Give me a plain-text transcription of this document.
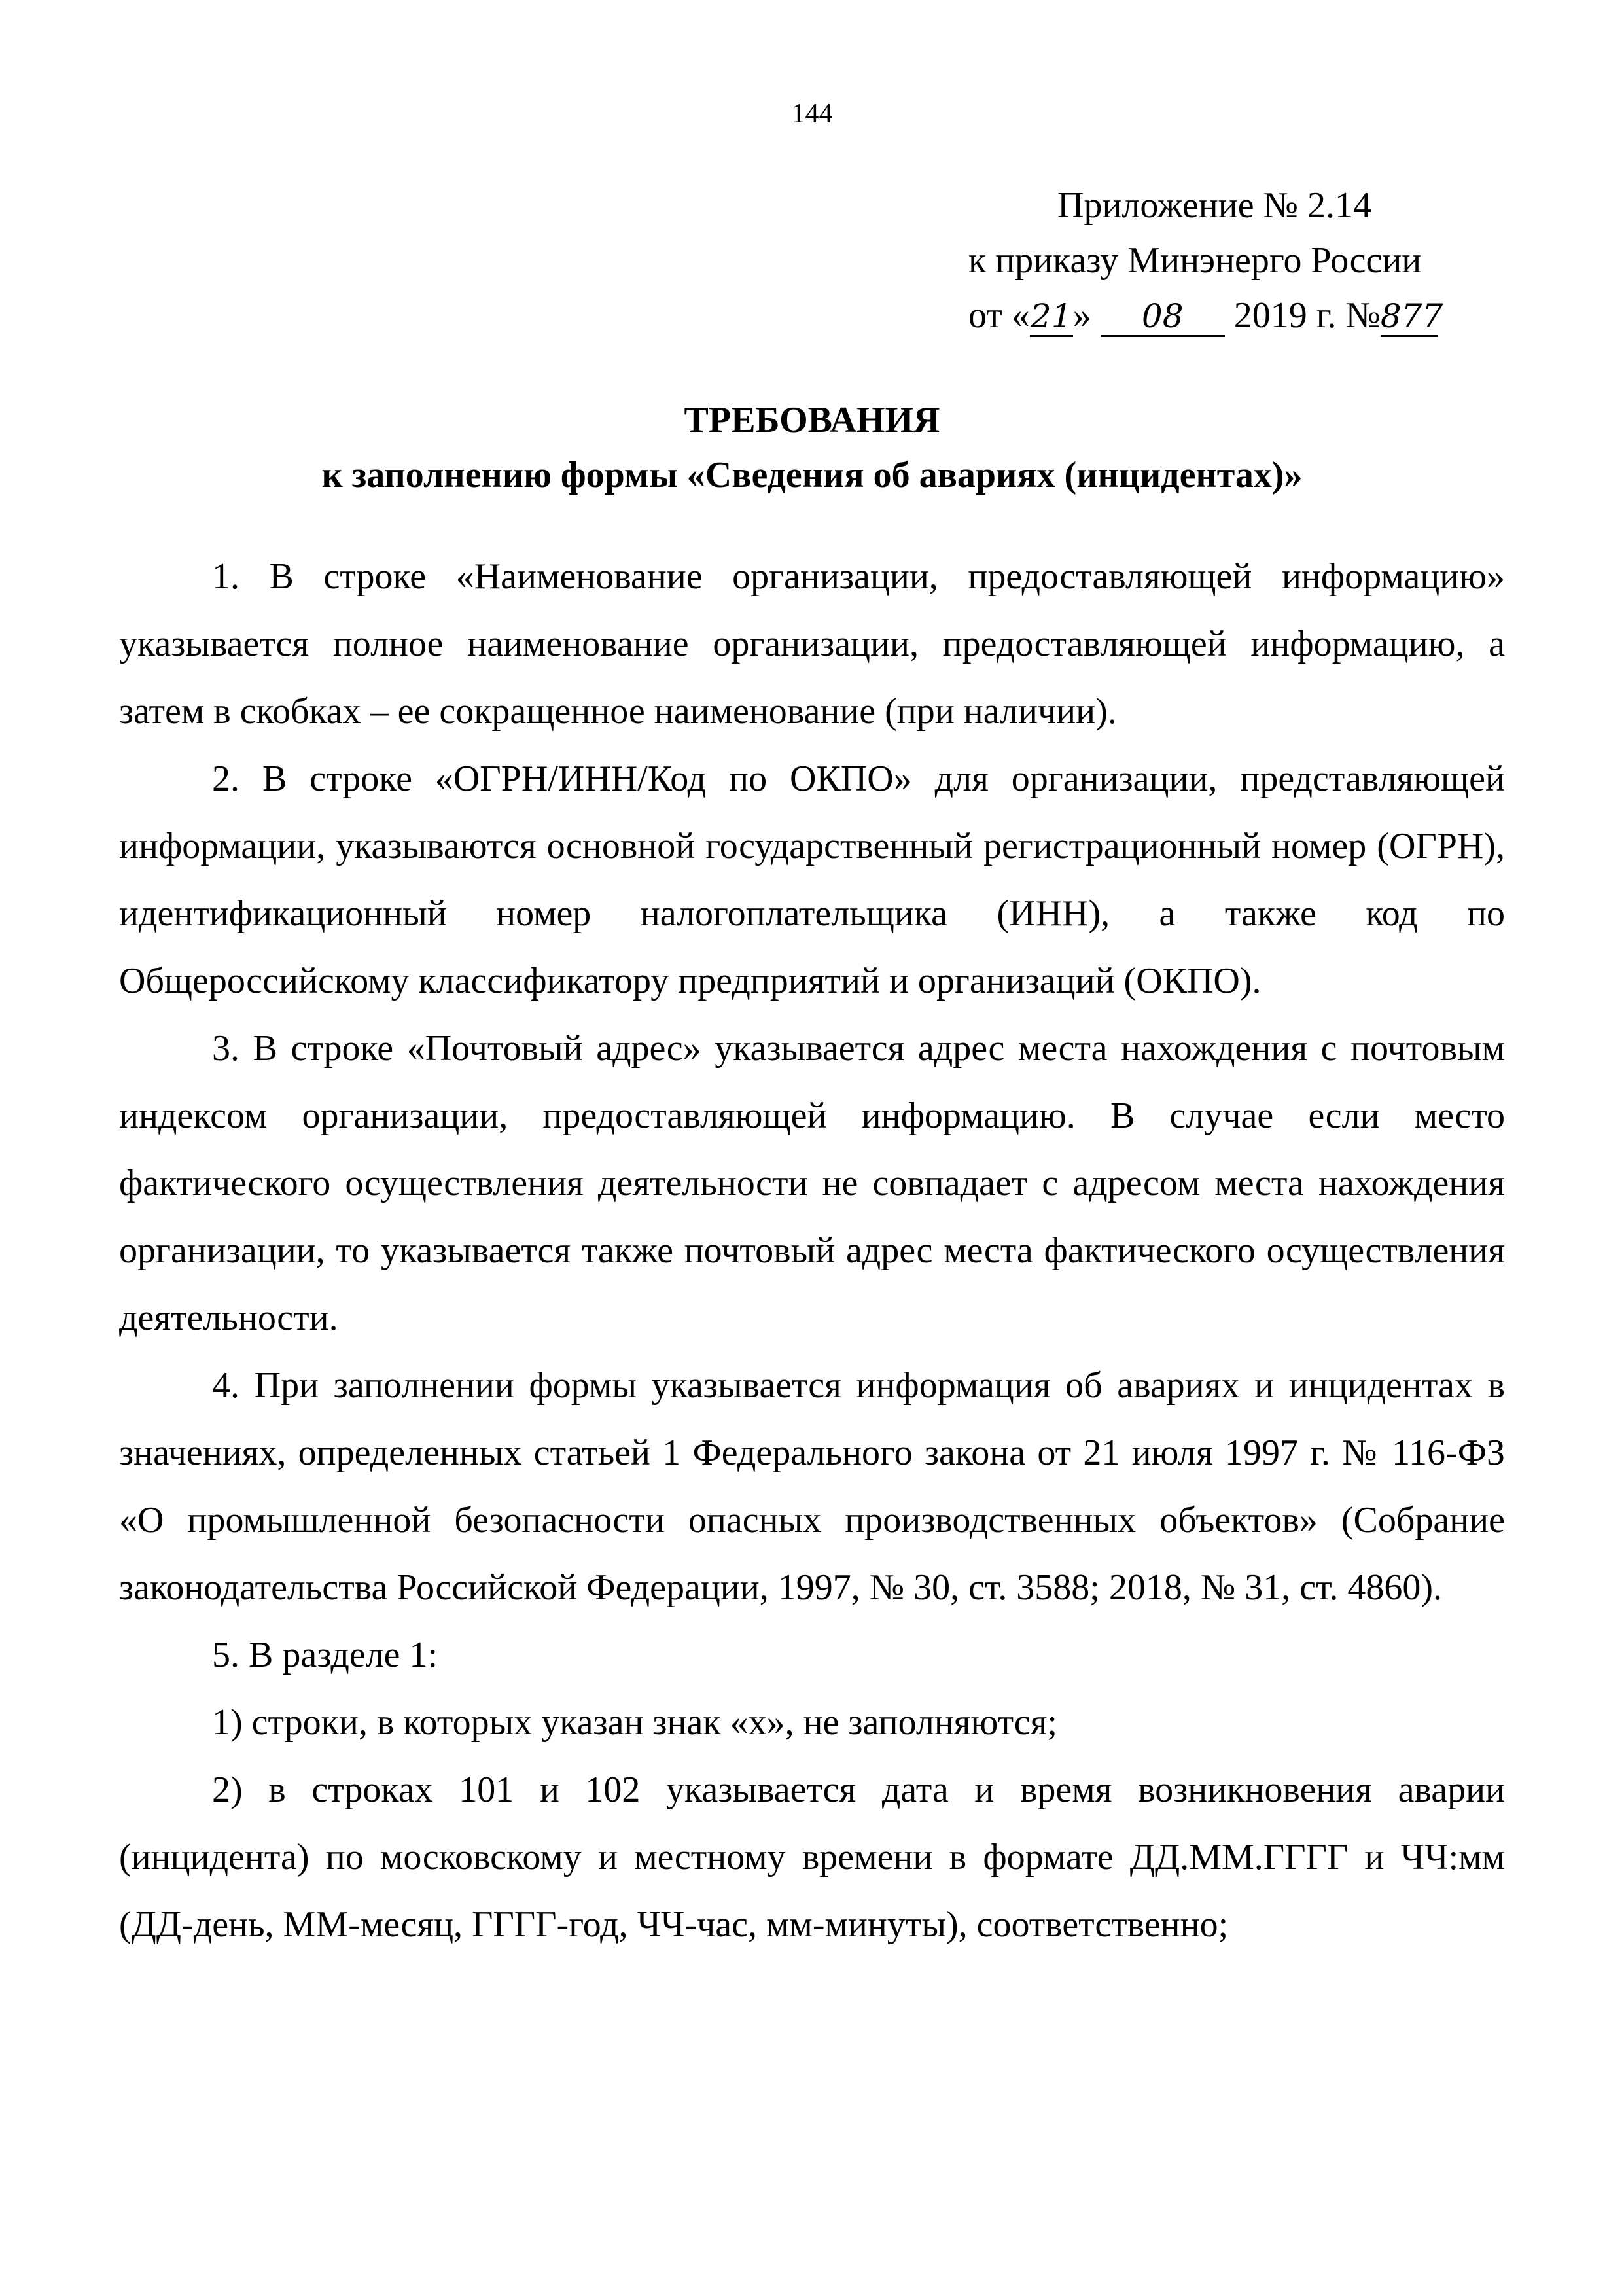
144
Приложение № 2.14
к приказу Минэнерго России
от «21» 08 2019 г. №877
ТРЕБОВАНИЯ
к заполнению формы «Сведения об авариях (инцидентах)»

1. В строке «Наименование организации, предоставляющей информацию» указывается полное наименование организации, предоставляющей информацию, а затем в скобках – ее сокращенное наименование (при наличии).

2. В строке «ОГРН/ИНН/Код по ОКПО» для организации, представляющей информации, указываются основной государственный регистрационный номер (ОГРН), идентификационный номер налогоплательщика (ИНН), а также код по Общероссийскому классификатору предприятий и организаций (ОКПО).

3. В строке «Почтовый адрес» указывается адрес места нахождения с почтовым индексом организации, предоставляющей информацию. В случае если место фактического осуществления деятельности не совпадает с адресом места нахождения организации, то указывается также почтовый адрес места фактического осуществления деятельности.

4. При заполнении формы указывается информация об авариях и инцидентах в значениях, определенных статьей 1 Федерального закона от 21 июля 1997 г. № 116-ФЗ «О промышленной безопасности опасных производственных объектов» (Собрание законодательства Российской Федерации, 1997, № 30, ст. 3588; 2018, № 31, ст. 4860).

5. В разделе 1:

1) строки, в которых указан знак «х», не заполняются;

2) в строках 101 и 102 указывается дата и время возникновения аварии (инцидента) по московскому и местному времени в формате ДД.ММ.ГГГГ и ЧЧ:мм (ДД-день, ММ-месяц, ГГГГ-год, ЧЧ-час, мм-минуты), соответственно;
